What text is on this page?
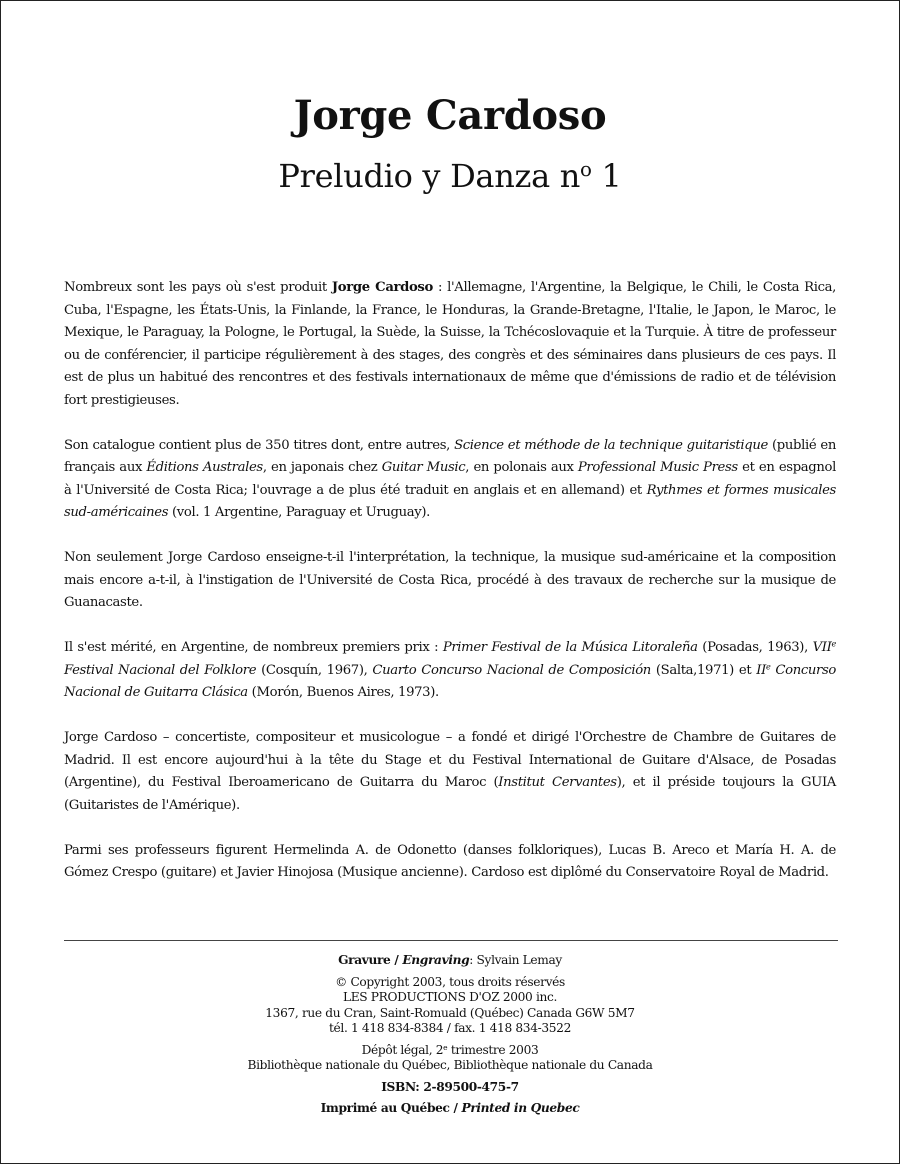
Jorge Cardoso
Preludio y Danza $n^o$ 1

Nombreux sont les pays où s'est produit Jorge Cardoso : l'Allemagne, l'Argentine, la Belgique, le Chili, le Costa Rica, Cuba, l'Espagne, les États-Unis, la Finlande, la France, le Honduras, la Grande-Bretagne, l'Italie, le Japon, le Maroc, le Mexique, le Paraguay, la Pologne, le Portugal, la Suède, la Suisse, la Tchécoslovaquie et la Turquie. À titre de professeur ou de conférencier, il participe régulièrement à des stages, des congrès et des séminaires dans plusieurs de ces pays. Il est de plus un habitué des rencontres et des festivals internationaux de même que d'émissions de radio et de télévision fort prestigieuses.

Son catalogue contient plus de 350 titres dont, entre autres, Science et méthode de la technique guitaristique (publié en français aux Éditions Australes, en japonais chez Guitar Music, en polonais aux Professional Music Press et en espagnol à l'Université de Costa Rica; l'ouvrage a de plus été traduit en anglais et en allemand) et Rythmes et formes musicales sud-américaines (vol. 1 Argentine, Paraguay et Uruguay).

Non seulement Jorge Cardoso enseigne-t-il l'interprétation, la technique, la musique sud-américaine et la composition mais encore a-t-il, à l'instigation de l'Université de Costa Rica, procédé à des travaux de recherche sur la musique de Guanacaste.

Il s'est mérité, en Argentine, de nombreux premiers prix : Primer Festival de la Música Litoraleña (Posadas, 1963), VIIe Festival Nacional del Folklore (Cosquín, 1967), Cuarto Concurso Nacional de Composición (Salta,1971) et IIe Concurso Nacional de Guitarra Clásica (Morón, Buenos Aires, 1973).

Jorge Cardoso – concertiste, compositeur et musicologue – a fondé et dirigé l'Orchestre de Chambre de Guitares de Madrid. Il est encore aujourd'hui à la tête du Stage et du Festival International de Guitare d'Alsace, de Posadas (Argentine), du Festival Iberoamericano de Guitarra du Maroc (Institut Cervantes), et il préside toujours la GUIA (Guitaristes de l'Amérique).

Parmi ses professeurs figurent Hermelinda A. de Odonetto (danses folkloriques), Lucas B. Areco et María H. A. de Gómez Crespo (guitare) et Javier Hinojosa (Musique ancienne). Cardoso est diplômé du Conservatoire Royal de Madrid.

Gravure / Engraving: Sylvain Lemay
© Copyright 2003, tous droits réservés
LES PRODUCTIONS D'OZ 2000 inc.
1367, rue du Cran, Saint-Romuald (Québec) Canada G6W 5M7
tél. 1 418 834-8384 / fax. 1 418 834-3522
Dépôt légal, 2e trimestre 2003
Bibliothèque nationale du Québec, Bibliothèque nationale du Canada
ISBN: 2-89500-475-7
Imprimé au Québec / Printed in Quebec
